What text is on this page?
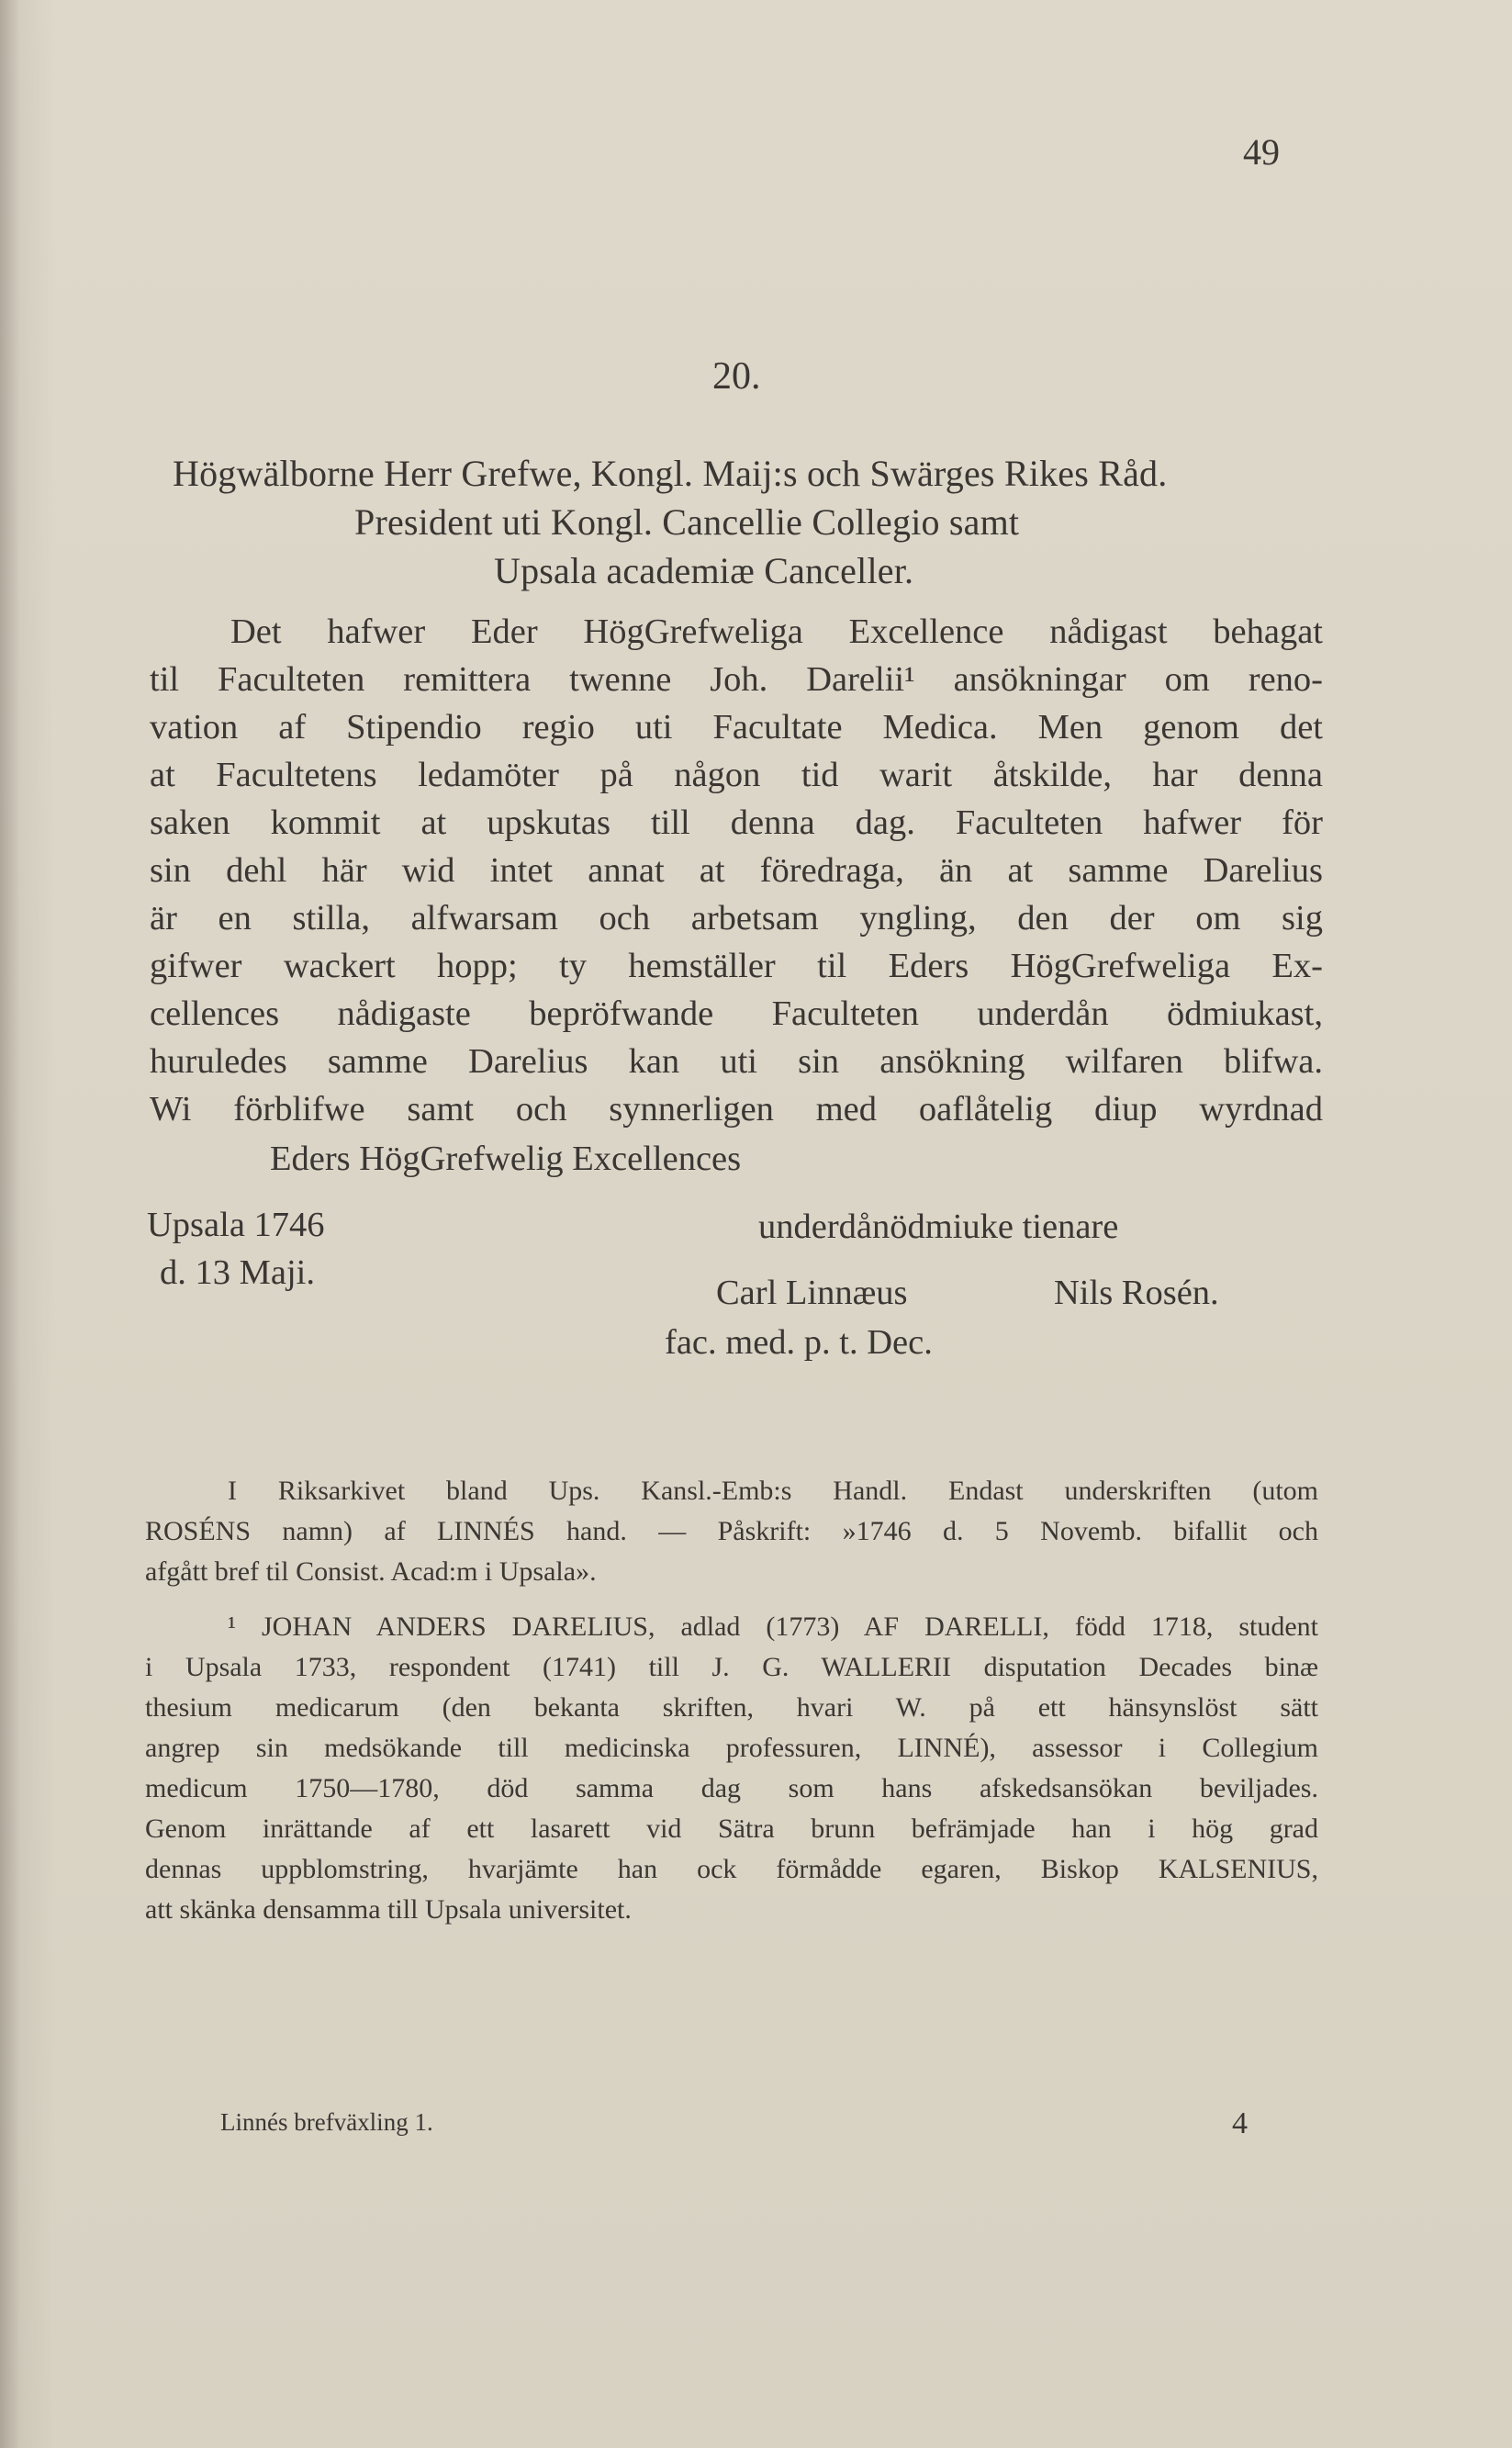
49
20.
Högwälborne Herr Grefwe, Kongl. Maij:s och Swärges Rikes Råd.
President uti Kongl. Cancellie Collegio samt
Upsala academiæ Canceller.
Det hafwer Eder HögGrefweliga Excellence nådigast behagat
til Faculteten remittera twenne Joh. Darelii¹ ansökningar om reno-
vation af Stipendio regio uti Facultate Medica. Men genom det
at Facultetens ledamöter på någon tid warit åtskilde, har denna
saken kommit at upskutas till denna dag. Faculteten hafwer för
sin dehl här wid intet annat at föredraga, än at samme Darelius
är en stilla, alfwarsam och arbetsam yngling, den der om sig
gifwer wackert hopp; ty hemställer til Eders HögGrefweliga Ex-
cellences nådigaste bepröfwande Faculteten underdån ödmiukast,
huruledes samme Darelius kan uti sin ansökning wilfaren blifwa.
Wi förblifwe samt och synnerligen med oaflåtelig diup wyrdnad
Eders HögGrefwelig Excellences
Upsala 1746
d. 13 Maji.
underdånödmiuke tienare
Carl Linnæus	Nils Rosén.
fac. med. p. t. Dec.
I Riksarkivet bland Ups. Kansl.-Emb:s Handl. Endast underskriften (utom
ROSÉNS namn) af LINNÉS hand. — Påskrift: »1746 d. 5 Novemb. bifallit och
afgått bref til Consist. Acad:m i Upsala».
¹ JOHAN ANDERS DARELIUS, adlad (1773) AF DARELLI, född 1718, student
i Upsala 1733, respondent (1741) till J. G. WALLERII disputation Decades binæ
thesium medicarum (den bekanta skriften, hvari W. på ett hänsynslöst sätt
angrep sin medsökande till medicinska professuren, LINNÉ), assessor i Collegium
medicum 1750—1780, död samma dag som hans afskedsansökan beviljades.
Genom inrättande af ett lasarett vid Sätra brunn befrämjade han i hög grad
dennas uppblomstring, hvarjämte han ock förmådde egaren, Biskop KALSENIUS,
att skänka densamma till Upsala universitet.
Linnés brefväxling 1.	4
